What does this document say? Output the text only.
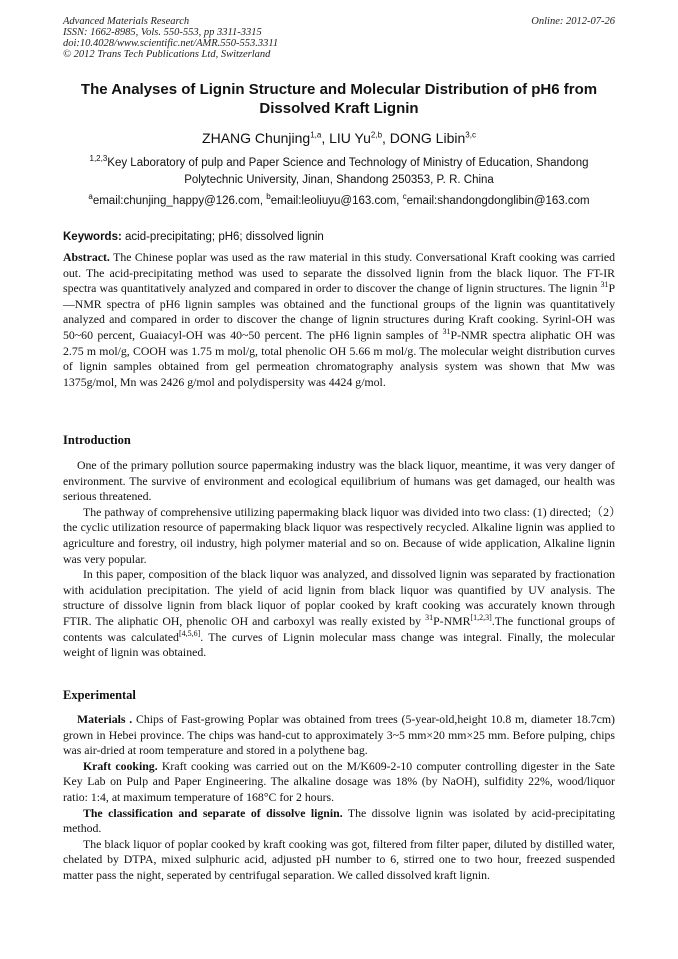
Advanced Materials Research
ISSN: 1662-8985, Vols. 550-553, pp 3311-3315
doi:10.4028/www.scientific.net/AMR.550-553.3311
© 2012 Trans Tech Publications Ltd, Switzerland
Online: 2012-07-26
The Analyses of Lignin Structure and Molecular Distribution of pH6 from Dissolved Kraft Lignin
ZHANG Chunjing$^{1,a}$, LIU Yu$^{2,b}$, DONG Libin$^{3,c}$
$^{1,2,3}$Key Laboratory of pulp and Paper Science and Technology of Ministry of Education, Shandong Polytechnic University, Jinan, Shandong 250353, P. R. China
$^a$email:chunjing_happy@126.com, $^b$email:leoliuyu@163.com, $^c$email:shandongdonglibin@163.com
Keywords: acid-precipitating; pH6; dissolved lignin

Abstract. The Chinese poplar was used as the raw material in this study. Conversational Kraft cooking was carried out. The acid-precipitating method was used to separate the dissolved lignin from the black liquor. The FT-IR spectra was quantitatively analyzed and compared in order to discover the change of lignin structures. The lignin $^{31}$P—NMR spectra of pH6 lignin samples was obtained and the functional groups of the lignin was quantitatively analyzed and compared in order to discover the change of lignin structures during Kraft cooking. Syrinl-OH was 50~60 percent, Guaiacyl-OH was 40~50 percent. The pH6 lignin samples of $^{31}$P-NMR spectra aliphatic OH was 2.75 m mol/g, COOH was 1.75 m mol/g, total phenolic OH 5.66 m mol/g. The molecular weight distribution curves of lignin samples obtained from gel permeation chromatography analysis system was shown that Mw was 1375g/mol, Mn was 2426 g/mol and polydispersity was 4424 g/mol.

Introduction

One of the primary pollution source papermaking industry was the black liquor, meantime, it was very danger of environment. The survive of environment and ecological equilibrium of humans was get damaged, our health was serious threatened.

The pathway of comprehensive utilizing papermaking black liquor was divided into two class: (1) directed;（2）the cyclic utilization resource of papermaking black liquor was respectively recycled. Alkaline lignin was applied to agriculture and forestry, oil industry, high polymer material and so on. Because of wide application, Alkaline lignin was very popular.

In this paper, composition of the black liquor was analyzed, and dissolved lignin was separated by fractionation with acidulation precipitation. The yield of acid lignin from black liquor was quantified by UV analysis. The structure of dissolve lignin from black liquor of poplar cooked by kraft cooking was accurately known through FTIR. The aliphatic OH, phenolic OH and carboxyl was really existed by $^{31}$P-NMR[1,2,3].The functional groups of contents was calculated[4,5,6]. The curves of Lignin molecular mass change was integral. Finally, the molecular weight of lignin was obtained.

Experimental

Materials . Chips of Fast-growing Poplar was obtained from trees (5-year-old,height 10.8 m, diameter 18.7cm) grown in Hebei province. The chips was hand-cut to approximately 3~5 mm×20 mm×25 mm. Before pulping, chips was air-dried at room temperature and stored in a polythene bag.

Kraft cooking. Kraft cooking was carried out on the M/K609-2-10 computer controlling digester in the Sate Key Lab on Pulp and Paper Engineering. The alkaline dosage was 18% (by NaOH), sulfidity 22%, wood/liquor ratio: 1:4, at maximum temperature of 168°C for 2 hours.

The classification and separate of dissolve lignin. The dissolve lignin was isolated by acid-precipitating method.

The black liquor of poplar cooked by kraft cooking was got, filtered from filter paper, diluted by distilled water, chelated by DTPA, mixed sulphuric acid, adjusted pH number to 6, stirred one to two hour, freezed suspended matter pass the night, seperated by centrifugal separation. We called dissolved kraft lignin.
